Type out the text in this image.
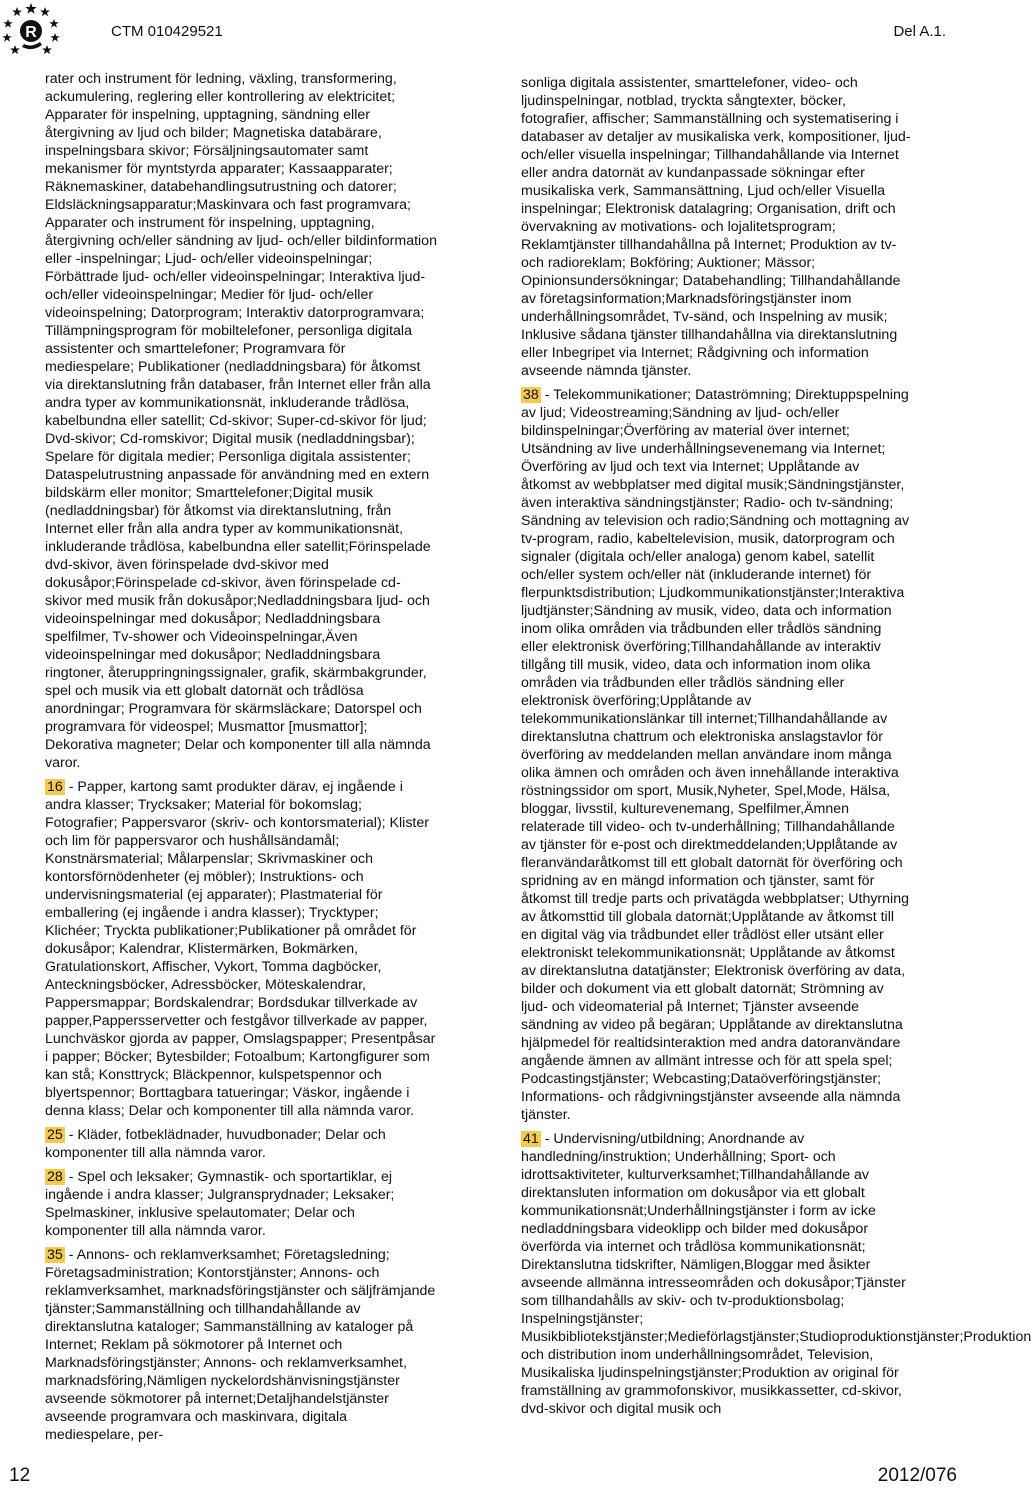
R	CTM 010429521	Del A.1.

rater och instrument för ledning, växling, transformering, ackumulering, reglering eller kontrollering av elektricitet; Apparater för inspelning, upptagning, sändning eller återgivning av ljud och bilder; Magnetiska databärare, inspelningsbara skivor; Försäljningsautomater samt mekanismer för myntstyrda apparater; Kassaapparater; Räknemaskiner, databehandlingsutrustning och datorer; Eldsläckningsapparatur;Maskinvara och fast programvara; Apparater och instrument för inspelning, upptagning, återgivning och/eller sändning av ljud- och/eller bildinformation eller -inspelningar; Ljud- och/eller videoinspelningar; Förbättrade ljud- och/eller videoinspelningar; Interaktiva ljud- och/eller videoinspelningar; Medier för ljud- och/eller videoinspelning; Datorprogram; Interaktiv datorprogramvara; Tillämpningsprogram för mobiltelefoner, personliga digitala assistenter och smarttelefoner; Programvara för mediespelare; Publikationer (nedladdningsbara) för åtkomst via direktanslutning från databaser, från Internet eller från alla andra typer av kommunikationsnät, inkluderande trådlösa, kabelbundna eller satellit; Cd-skivor; Super-cd-skivor för ljud; Dvd-skivor; Cd-romskivor; Digital musik (nedladdningsbar); Spelare för digitala medier; Personliga digitala assistenter; Dataspelutrustning anpassade för användning med en extern bildskärm eller monitor; Smarttelefoner;Digital musik (nedladdningsbar) för åtkomst via direktanslutning, från Internet eller från alla andra typer av kommunikationsnät, inkluderande trådlösa, kabelbundna eller satellit;Förinspelade dvd-skivor, även förinspelade dvd-skivor med dokusåpor;Förinspelade cd-skivor, även förinspelade cd-skivor med musik från dokusåpor;Nedladdningsbara ljud- och videoinspelningar med dokusåpor; Nedladdningsbara spelfilmer, Tv-shower och Videoinspelningar,Även videoinspelningar med dokusåpor; Nedladdningsbara ringtoner, återuppringningssignaler, grafik, skärmbakgrunder, spel och musik via ett globalt datornät och trådlösa anordningar; Programvara för skärmsläckare; Datorspel och programvara för videospel; Musmattor [musmattor]; Dekorativa magneter; Delar och komponenter till alla nämnda varor.

16 - Papper, kartong samt produkter därav, ej ingående i andra klasser; Trycksaker; Material för bokomslag; Fotografier; Pappersvaror (skriv- och kontorsmaterial); Klister och lim för pappersvaror och hushållsändamål; Konstnärsmaterial; Målarpenslar; Skrivmaskiner och kontorsförnödenheter (ej möbler); Instruktions- och undervisningsmaterial (ej apparater); Plastmaterial för emballering (ej ingående i andra klasser); Trycktyper; Klichéer; Tryckta publikationer;Publikationer på området för dokusåpor; Kalendrar, Klistermärken, Bokmärken, Gratulationskort, Affischer, Vykort, Tomma dagböcker, Anteckningsböcker, Adressböcker, Möteskalendrar, Pappersmappar; Bordskalendrar; Bordsdukar tillverkade av papper,Pappersservetter och festgåvor tillverkade av papper, Lunchväskor gjorda av papper, Omslagspapper; Presentpåsar i papper; Böcker; Bytesbilder; Fotoalbum; Kartongfigurer som kan stå; Konsttryck; Bläckpennor, kulspetspennor och blyertspennor; Borttagbara tatueringar; Väskor, ingående i denna klass; Delar och komponenter till alla nämnda varor.

25 - Kläder, fotbeklädnader, huvudbonader; Delar och komponenter till alla nämnda varor.

28 - Spel och leksaker; Gymnastik- och sportartiklar, ej ingående i andra klasser; Julgransprydnader; Leksaker; Spelmaskiner, inklusive spelautomater; Delar och komponenter till alla nämnda varor.

35 - Annons- och reklamverksamhet; Företagsledning; Företagsadministration; Kontorstjänster; Annons- och reklamverksamhet, marknadsföringstjänster och säljfrämjande tjänster;Sammanställning och tillhandahållande av direktanslutna kataloger; Sammanställning av kataloger på Internet; Reklam på sökmotorer på Internet och Marknadsföringstjänster; Annons- och reklamverksamhet, marknadsföring,Nämligen nyckelordshänvisningstjänster avseende sökmotorer på internet;Detaljhandelstjänster avseende programvara och maskinvara, digitala mediespelare, per-

sonliga digitala assistenter, smarttelefoner, video- och ljudinspelningar, notblad, tryckta sångtexter, böcker, fotografier, affischer; Sammanställning och systematisering i databaser av detaljer av musikaliska verk, kompositioner, ljud- och/eller visuella inspelningar; Tillhandahållande via Internet eller andra datornät av kundanpassade sökningar efter musikaliska verk, Sammansättning, Ljud och/eller Visuella inspelningar; Elektronisk datalagring; Organisation, drift och övervakning av motivations- och lojalitetsprogram; Reklamtjänster tillhandahållna på Internet; Produktion av tv- och radioreklam; Bokföring; Auktioner; Mässor; Opinionsundersökningar; Databehandling; Tillhandahållande av företagsinformation;Marknadsföringstjänster inom underhållningsområdet, Tv-sänd, och Inspelning av musik; Inklusive sådana tjänster tillhandahållna via direktanslutning eller Inbegripet via Internet; Rådgivning och information avseende nämnda tjänster.

38 - Telekommunikationer; Dataströmning; Direktuppspelning av ljud; Videostreaming;Sändning av ljud- och/eller bildinspelningar;Överföring av material över internet; Utsändning av live underhållningsevenemang via Internet; Överföring av ljud och text via Internet; Upplåtande av åtkomst av webbplatser med digital musik;Sändningstjänster, även interaktiva sändningstjänster; Radio- och tv-sändning; Sändning av television och radio;Sändning och mottagning av tv-program, radio, kabeltelevision, musik, datorprogram och signaler (digitala och/eller analoga) genom kabel, satellit och/eller system och/eller nät (inkluderande internet) för flerpunktsdistribution; Ljudkommunikationstjänster;Interaktiva ljudtjänster;Sändning av musik, video, data och information inom olika områden via trådbunden eller trådlös sändning eller elektronisk överföring;Tillhandahållande av interaktiv tillgång till musik, video, data och information inom olika områden via trådbunden eller trådlös sändning eller elektronisk överföring;Upplåtande av telekommunikationslänkar till internet;Tillhandahållande av direktanslutna chattrum och elektroniska anslagstavlor för överföring av meddelanden mellan användare inom många olika ämnen och områden och även innehållande interaktiva röstningssidor om sport, Musik,Nyheter, Spel,Mode, Hälsa, bloggar, livsstil, kulturevenemang, Spelfilmer,Ämnen relaterade till video- och tv-underhållning; Tillhandahållande av tjänster för e-post och direktmeddelanden;Upplåtande av fleranvändaråtkomst till ett globalt datornät för överföring och spridning av en mängd information och tjänster, samt för åtkomst till tredje parts och privatägda webbplatser; Uthyrning av åtkomsttid till globala datornät;Upplåtande av åtkomst till en digital väg via trådbundet eller trådlöst eller utsänt eller elektroniskt telekommunikationsnät; Upplåtande av åtkomst av direktanslutna datatjänster; Elektronisk överföring av data, bilder och dokument via ett globalt datornät; Strömning av ljud- och videomaterial på Internet; Tjänster avseende sändning av video på begäran; Upplåtande av direktanslutna hjälpmedel för realtidsinteraktion med andra datoranvändare angående ämnen av allmänt intresse och för att spela spel; Podcastingstjänster; Webcasting;Dataöverföringstjänster; Informations- och rådgivningstjänster avseende alla nämnda tjänster.

41 - Undervisning/utbildning; Anordnande av handledning/instruktion; Underhållning; Sport- och idrottsaktiviteter, kulturverksamhet;Tillhandahållande av direktansluten information om dokusåpor via ett globalt kommunikationsnät;Underhållningstjänster i form av icke nedladdningsbara videoklipp och bilder med dokusåpor överförda via internet och trådlösa kommunikationsnät; Direktanslutna tidskrifter, Nämligen,Bloggar med åsikter avseende allmänna intresseområden och dokusåpor;Tjänster som tillhandahålls av skiv- och tv-produktionsbolag; Inspelningstjänster; Musikbibliotekstjänster;Medieförlagstjänster;Studioproduktionstjänster;Produktion och distribution inom underhållningsområdet, Television, Musikaliska ljudinspelningstjänster;Produktion av original för framställning av grammofonskivor, musikkassetter, cd-skivor, dvd-skivor och digital musik och

12	2012/076
